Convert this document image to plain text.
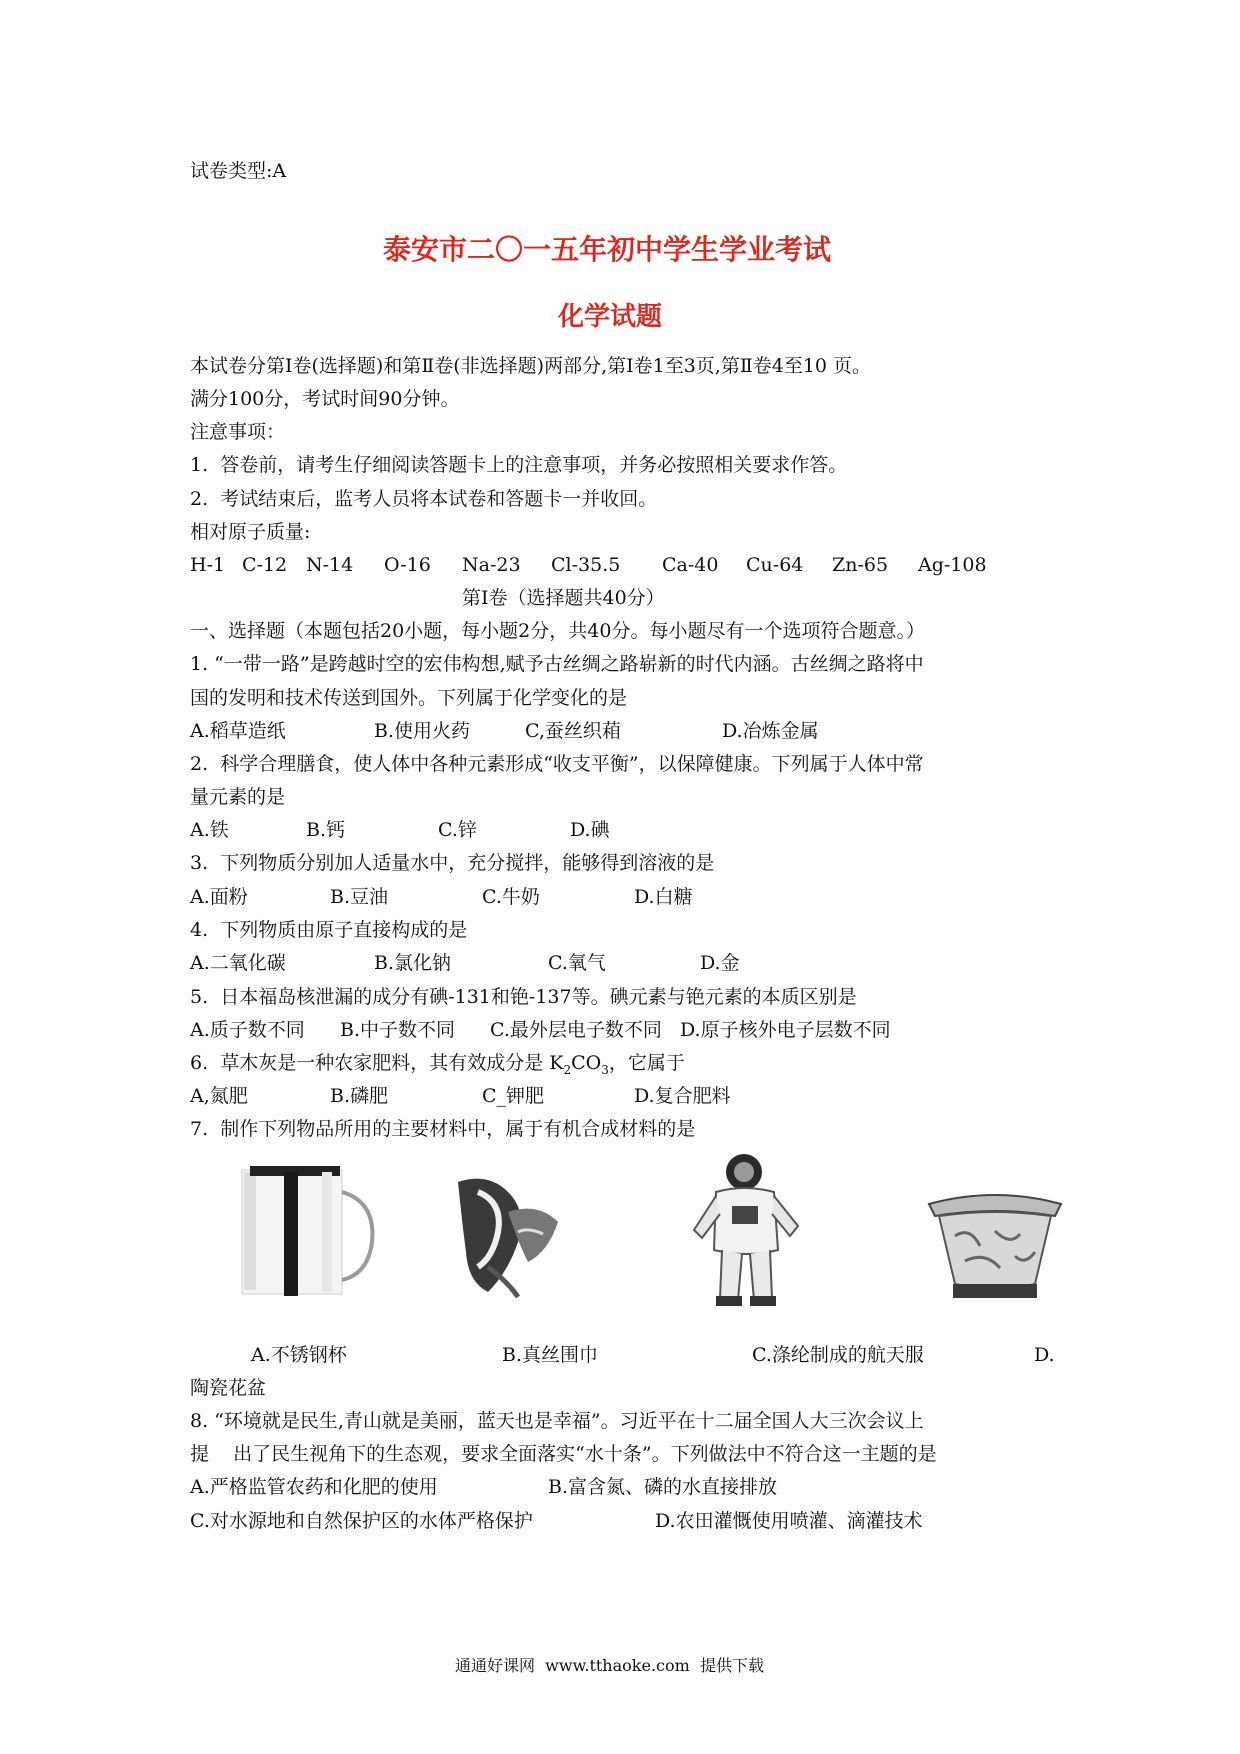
试卷类型:A
泰安市二〇一五年初中学生学业考试
化学试题
本试卷分第Ⅰ卷(选择题)和第Ⅱ卷(非选择题)两部分,第Ⅰ卷1至3页,第Ⅱ卷4至10 页。
满分100分，考试时间90分钟。
注意事项：
1.  答卷前，请考生仔细阅读答题卡上的注意事项，并务必按照相关要求作答。
2.  考试结束后，监考人员将本试卷和答题卡一并收回。
相对原子质量:
H-1 C-12 N-14 O-16 Na-23 Cl-35.5 Ca-40 Cu-64 Zn-65 Ag-108
第Ⅰ卷（选择题共40分）
一、选择题（本题包括20小题，每小题2分，共40分。每小题尽有一个选项符合题意。）
1. “一带一路”是跨越时空的宏伟构想,赋予古丝绸之路崭新的时代内涵。古丝绸之路将中
国的发明和技术传送到国外。下列属于化学变化的是
A.稻草造纸	B.使用火药	C,蚕丝织葙	D.冶炼金属
2.  科学合理膳食，使人体中各种元素形成“收支平衡”，以保障健康。下列属于人体中常
量元素的是
A.铁	B.钙	C.锌	D.碘
3.  下列物质分别加人适量水中，充分搅拌，能够得到溶液的是
A.面粉	B.豆油	C.牛奶	D.白糖
4.  下列物质由原子直接构成的是
A.二氧化碳	B.氯化钠	C.氧气	D.金
5.  日本福岛核泄漏的成分有碘-131和铯-137等。碘元素与铯元素的本质区别是
A.质子数不同 B.中子数不同 C.最外层电子数不同 D.原子核外电子层数不同
6.  草木灰是一种农家肥料，其有效成分是 $K_2CO_3$，它属于
A,氮肥	B.磷肥	C_钾肥	D.复合肥料
7.  制作下列物品所用的主要材料中，属于有机合成材料的是
A.不锈钢杯	B.真丝围巾	C.涤纶制成的航天服	D.
陶瓷花盆
8. “环境就是民生,青山就是美丽，蓝天也是幸福”。习近平在十二届全国人大三次会议上
提    出了民生视角下的生态观，要求全面落实“水十条”。下列做法中不符合这一主题的是
A.严格监管农药和化肥的使用	B.富含氮、磷的水直接排放
C.对水源地和自然保护区的水体严格保护	D.农田灌慨使用喷灌、滴灌技术
通通好课网  www.tthaoke.com  提供下载
